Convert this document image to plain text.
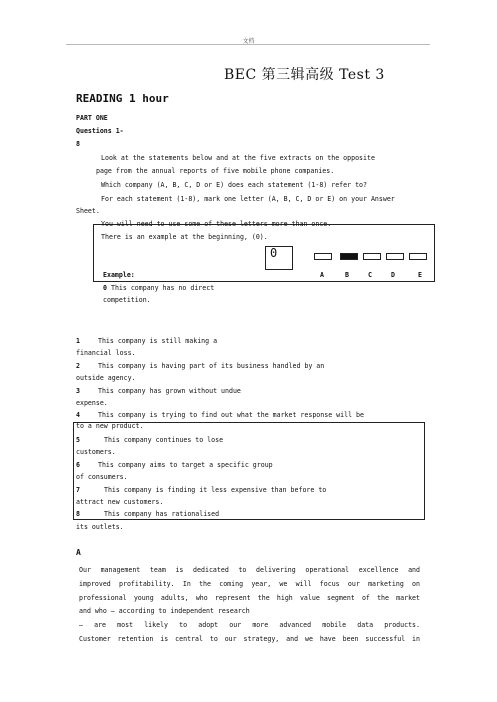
文档
BEC 第三辑高级 Test 3
READING 1 hour
PART ONE
Questions 1-
8
Look at the statements below and at the five extracts on the opposite
page from the annual reports of five mobile phone companies.
Which company (A, B, C, D or E) does each statement (1-8) refer to?
For each statement (1-8), mark one letter (A, B, C, D or E) on your Answer
Sheet.
You will need to use some of these letters more than once.
There is an example at the beginning, (0).
0
Example:	A	B	C	D	E
0 This company has no direct
competition.
1	This company is still making a
financial loss.
2	This company is having part of its business handled by an
outside agency.
3	This company has grown without undue
expense.
4	This company is trying to find out what the market response will be
to a new product.
5	This company continues to lose
customers.
6	This company aims to target a specific group
of consumers.
7	This company is finding it less expensive than before to
attract new customers.
8	This company has rationalised
its outlets.
A
Our management team is dedicated to delivering operational excellence and
improved profitability. In the coming year, we will focus our marketing on
professional young adults, who represent the high value segment of the market
and who — according to independent research
— are most likely to adopt our more advanced mobile data products.
Customer retention is central to our strategy, and we have been successful in
